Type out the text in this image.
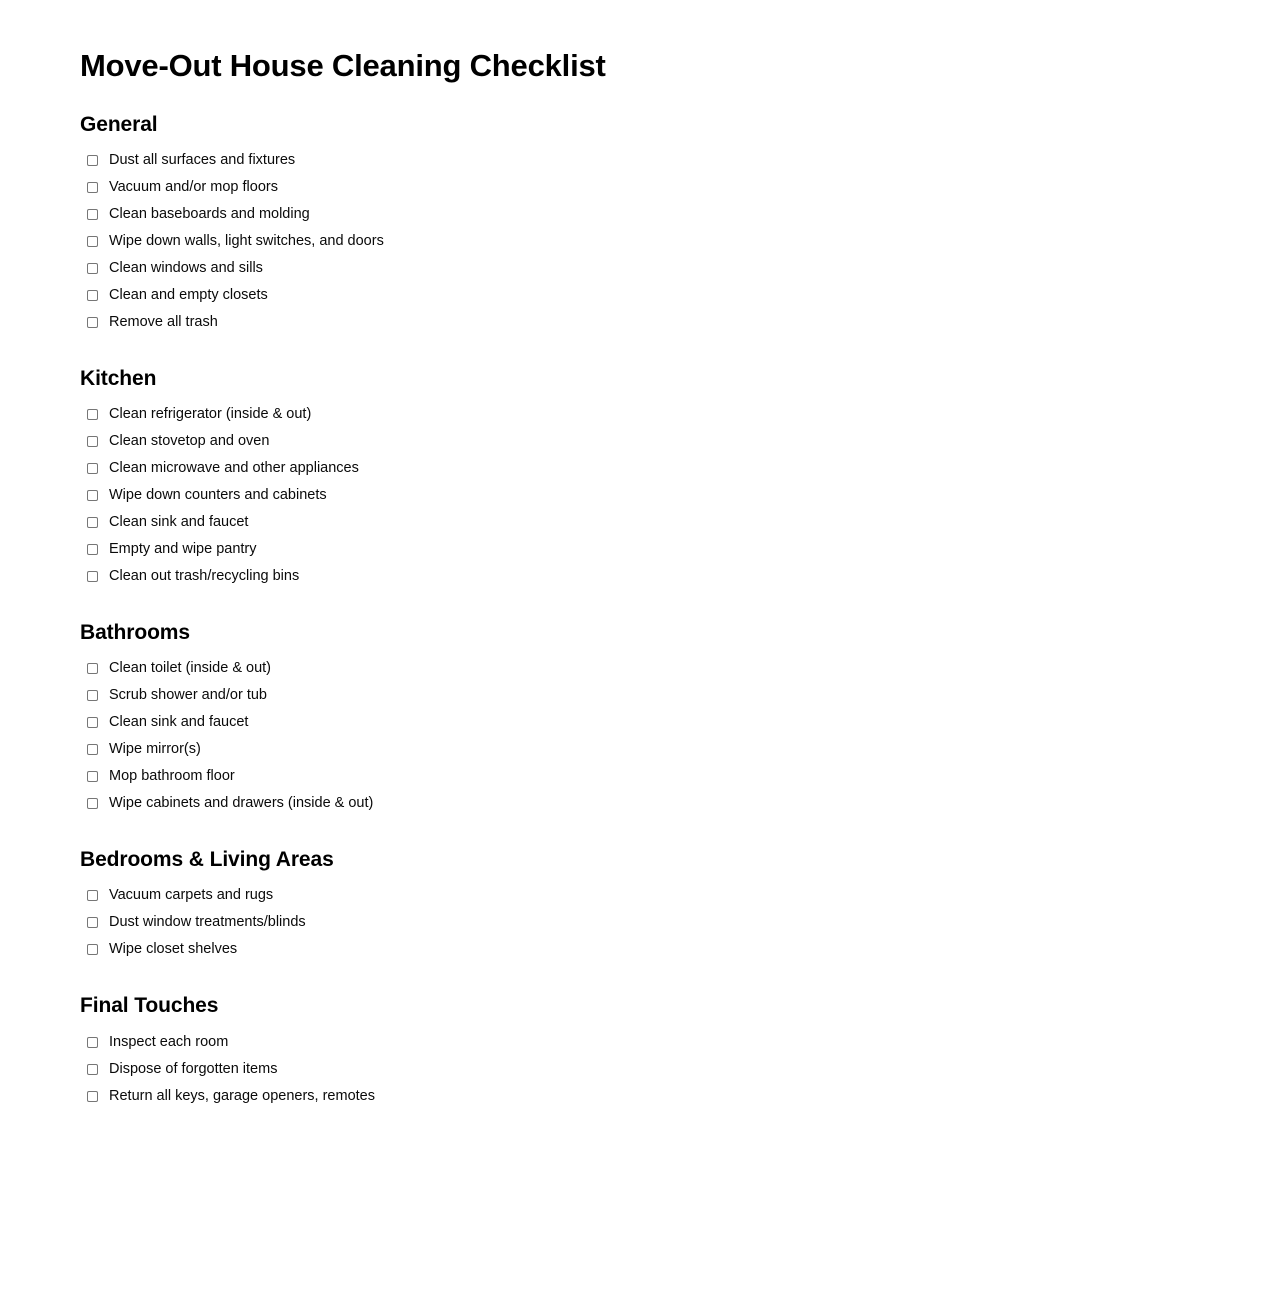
Move-Out House Cleaning Checklist
General
Dust all surfaces and fixtures
Vacuum and/or mop floors
Clean baseboards and molding
Wipe down walls, light switches, and doors
Clean windows and sills
Clean and empty closets
Remove all trash
Kitchen
Clean refrigerator (inside & out)
Clean stovetop and oven
Clean microwave and other appliances
Wipe down counters and cabinets
Clean sink and faucet
Empty and wipe pantry
Clean out trash/recycling bins
Bathrooms
Clean toilet (inside & out)
Scrub shower and/or tub
Clean sink and faucet
Wipe mirror(s)
Mop bathroom floor
Wipe cabinets and drawers (inside & out)
Bedrooms & Living Areas
Vacuum carpets and rugs
Dust window treatments/blinds
Wipe closet shelves
Final Touches
Inspect each room
Dispose of forgotten items
Return all keys, garage openers, remotes
